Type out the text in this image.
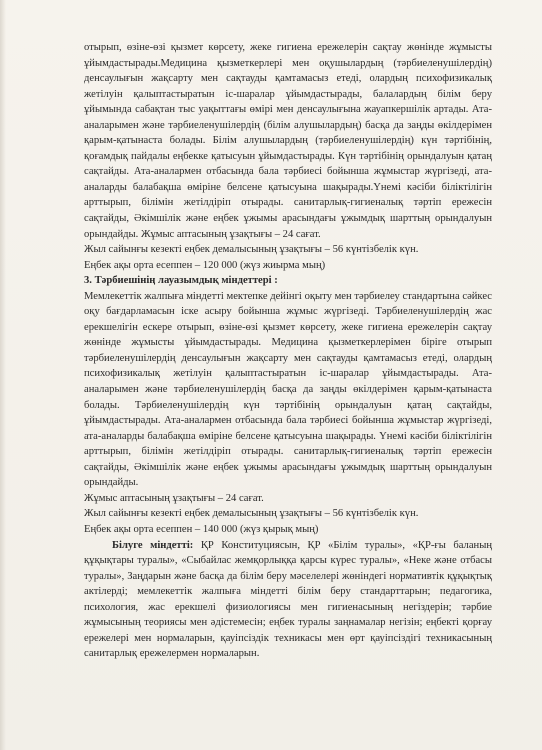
отырып, өзіне-өзі қызмет көрсету, жеке гигиена ережелерін сақтау жөнінде жұмысты ұйымдастырады.Медицина қызметкерлері мен оқушылардың (тәрбиеленушілердің) денсаулығын жақсарту мен сақтауды қамтамасыз етеді, олардың психофизикалық жетілуін қалыптастыратын іс-шаралар ұйымдастырады, балалардың білім беру ұйымында сабақтан тыс уақыттағы өмірі мен денсаулығына жауапкершілік артады. Ата-аналарымен және тәрбиеленушілердің (білім алушылардың) басқа да заңды өкілдерімен қарым-қатынаста болады. Білім алушылардың (тәрбиеленушілердің) күн тәртібінің, қоғамдық пайдалы еңбекке қатысуын ұйымдастырады. Күн тәртібінің орындалуын қатаң сақтайды. Ата-аналармен отбасында бала тәрбиесі бойынша жұмыстар жүргізеді, ата-аналарды балабақша өміріне белсене қатысуына шақырады.Үнемі кәсіби біліктілігін арттырып, білімін жетілдіріп отырады. санитарлық-гигиеналық тәртіп ережесін сақтайды, Әкімшілік және еңбек ұжымы арасындағы ұжымдық шарттың орындалуын орындайды. Жұмыс аптасының ұзақтығы – 24 сағат.

Жыл сайынғы кезекті еңбек демалысының ұзақтығы – 56 күнтізбелік күн.

Еңбек ақы орта есеппен – 120 000 (жүз жиырма мың)

3. Тәрбиешінің лауазымдық міндеттері :

Мемлекеттік жалпыға міндетті мектепке дейінгі оқыту мен тәрбиелеу стандартына сәйкес оқу бағдарламасын іске асыру бойынша жұмыс жүргізеді. Тәрбиеленушілердің жас ерекшелігін ескере отырып, өзіне-өзі қызмет көрсету, жеке гигиена ережелерін сақтау жөнінде жұмысты ұйымдастырады. Медицина қызметкерлерімен біріге отырып тәрбиеленушілердің денсаулығын жақсарту мен сақтауды қамтамасыз етеді, олардың психофизикалық жетілуін қалыптастыратын іс-шаралар ұйымдастырады. Ата-аналарымен және тәрбиеленушілердің басқа да заңды өкілдерімен қарым-қатынаста болады. Тәрбиеленушілердің күн тәртібінің орындалуын қатаң сақтайды, ұйымдастырады. Ата-аналармен отбасында бала тәрбиесі бойынша жұмыстар жүргізеді, ата-аналарды балабақша өміріне белсене қатысуына шақырады. Үнемі кәсіби біліктілігін арттырып, білімін жетілдіріп отырады. санитарлық-гигиеналық тәртіп ережесін сақтайды, Әкімшілік және еңбек ұжымы арасындағы ұжымдық шарттың орындалуын орындайды.

Жұмыс аптасының ұзақтығы – 24 сағат.

Жыл сайынғы кезекті еңбек демалысының ұзақтығы – 56 күнтізбелік күн.

Еңбек ақы орта есеппен – 140 000 (жүз қырық мың)

Білуге міндетті: ҚР Конституциясын, ҚР «Білім туралы», «ҚР-ғы баланың құқықтары туралы», «Сыбайлас жемқорлыққа қарсы күрес туралы», «Неке және отбасы туралы», Заңдарын және басқа да білім беру мәселелері жөніндегі нормативтік құқықтық актілерді; мемлекеттік жалпыға міндетті білім беру стандарттарын; педагогика, психология, жас ерекшелі физиологиясы мен гигиенасының негіздерін; тәрбие жұмысының теориясы мен әдістемесін; еңбек туралы заңнамалар негізін; еңбекті қорғау ережелері мен нормаларын, қауіпсіздік техникасы мен өрт қауіпсіздігі техникасының санитарлық ережелермен нормаларын.
